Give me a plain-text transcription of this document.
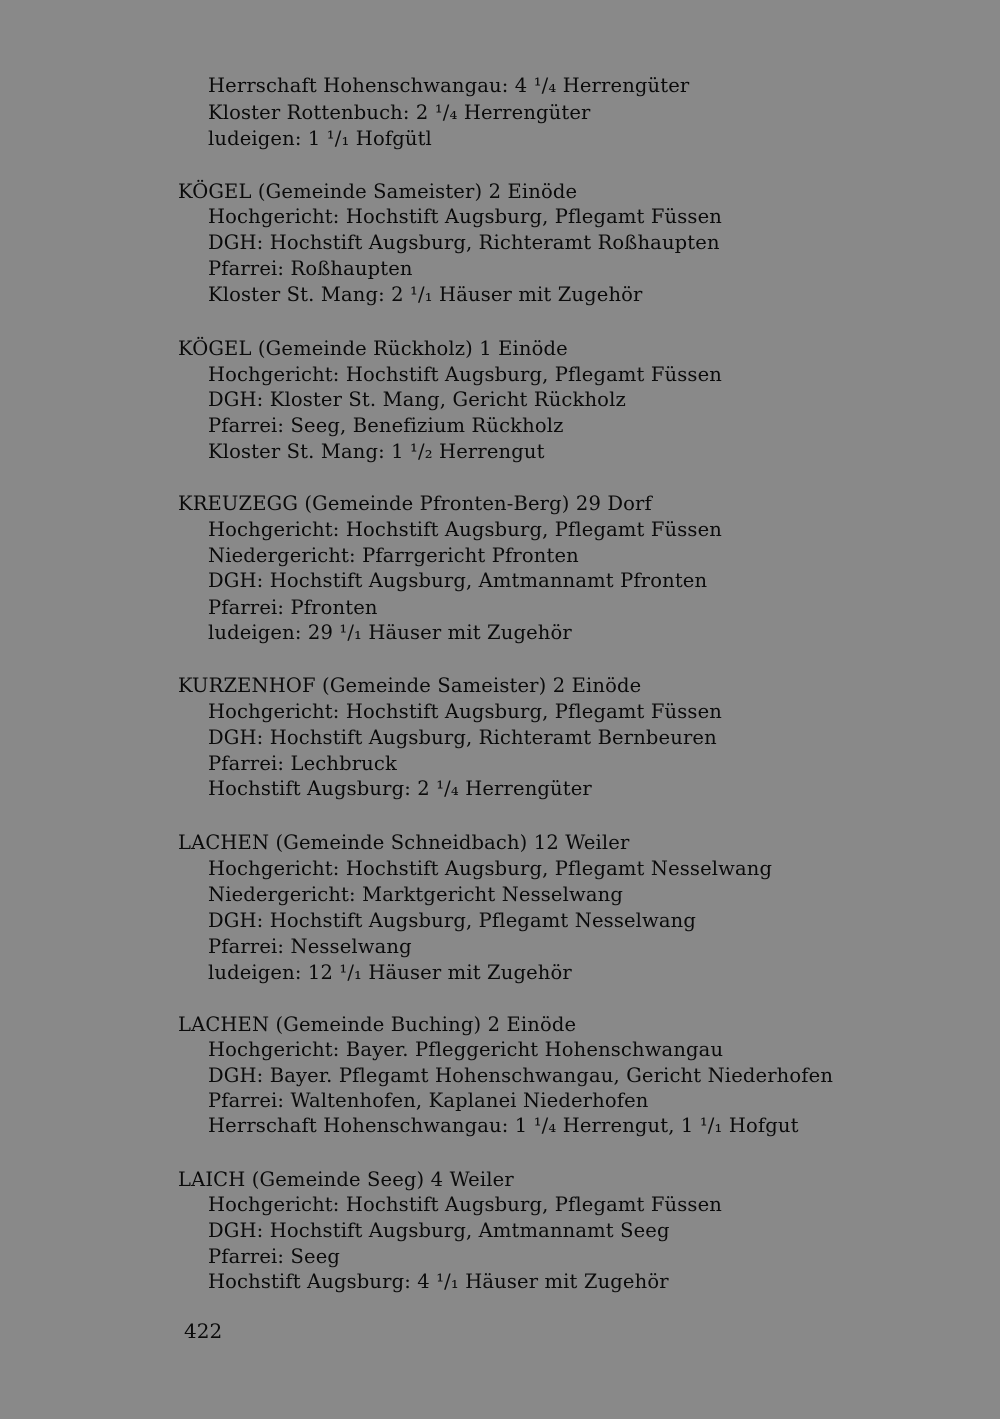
Herrschaft Hohenschwangau: 4 ¹/₄ Herrengüter
Kloster Rottenbuch: 2 ¹/₄ Herrengüter
ludeigen: 1 ¹/₁ Hofgütl
KÖGEL (Gemeinde Sameister) 2 Einöde
Hochgericht: Hochstift Augsburg, Pflegamt Füssen
DGH: Hochstift Augsburg, Richteramt Roßhaupten
Pfarrei: Roßhaupten
Kloster St. Mang: 2 ¹/₁ Häuser mit Zugehör
KÖGEL (Gemeinde Rückholz) 1 Einöde
Hochgericht: Hochstift Augsburg, Pflegamt Füssen
DGH: Kloster St. Mang, Gericht Rückholz
Pfarrei: Seeg, Benefizium Rückholz
Kloster St. Mang: 1 ¹/₂ Herrengut
KREUZEGG (Gemeinde Pfronten-Berg) 29 Dorf
Hochgericht: Hochstift Augsburg, Pflegamt Füssen
Niedergericht: Pfarrgericht Pfronten
DGH: Hochstift Augsburg, Amtmannamt Pfronten
Pfarrei: Pfronten
ludeigen: 29 ¹/₁ Häuser mit Zugehör
KURZENHOF (Gemeinde Sameister) 2 Einöde
Hochgericht: Hochstift Augsburg, Pflegamt Füssen
DGH: Hochstift Augsburg, Richteramt Bernbeuren
Pfarrei: Lechbruck
Hochstift Augsburg: 2 ¹/₄ Herrengüter
LACHEN (Gemeinde Schneidbach) 12 Weiler
Hochgericht: Hochstift Augsburg, Pflegamt Nesselwang
Niedergericht: Marktgericht Nesselwang
DGH: Hochstift Augsburg, Pflegamt Nesselwang
Pfarrei: Nesselwang
ludeigen: 12 ¹/₁ Häuser mit Zugehör
LACHEN (Gemeinde Buching) 2 Einöde
Hochgericht: Bayer. Pfleggericht Hohenschwangau
DGH: Bayer. Pflegamt Hohenschwangau, Gericht Niederhofen
Pfarrei: Waltenhofen, Kaplanei Niederhofen
Herrschaft Hohenschwangau: 1 ¹/₄ Herrengut, 1 ¹/₁ Hofgut
LAICH (Gemeinde Seeg) 4 Weiler
Hochgericht: Hochstift Augsburg, Pflegamt Füssen
DGH: Hochstift Augsburg, Amtmannamt Seeg
Pfarrei: Seeg
Hochstift Augsburg: 4 ¹/₁ Häuser mit Zugehör
422
